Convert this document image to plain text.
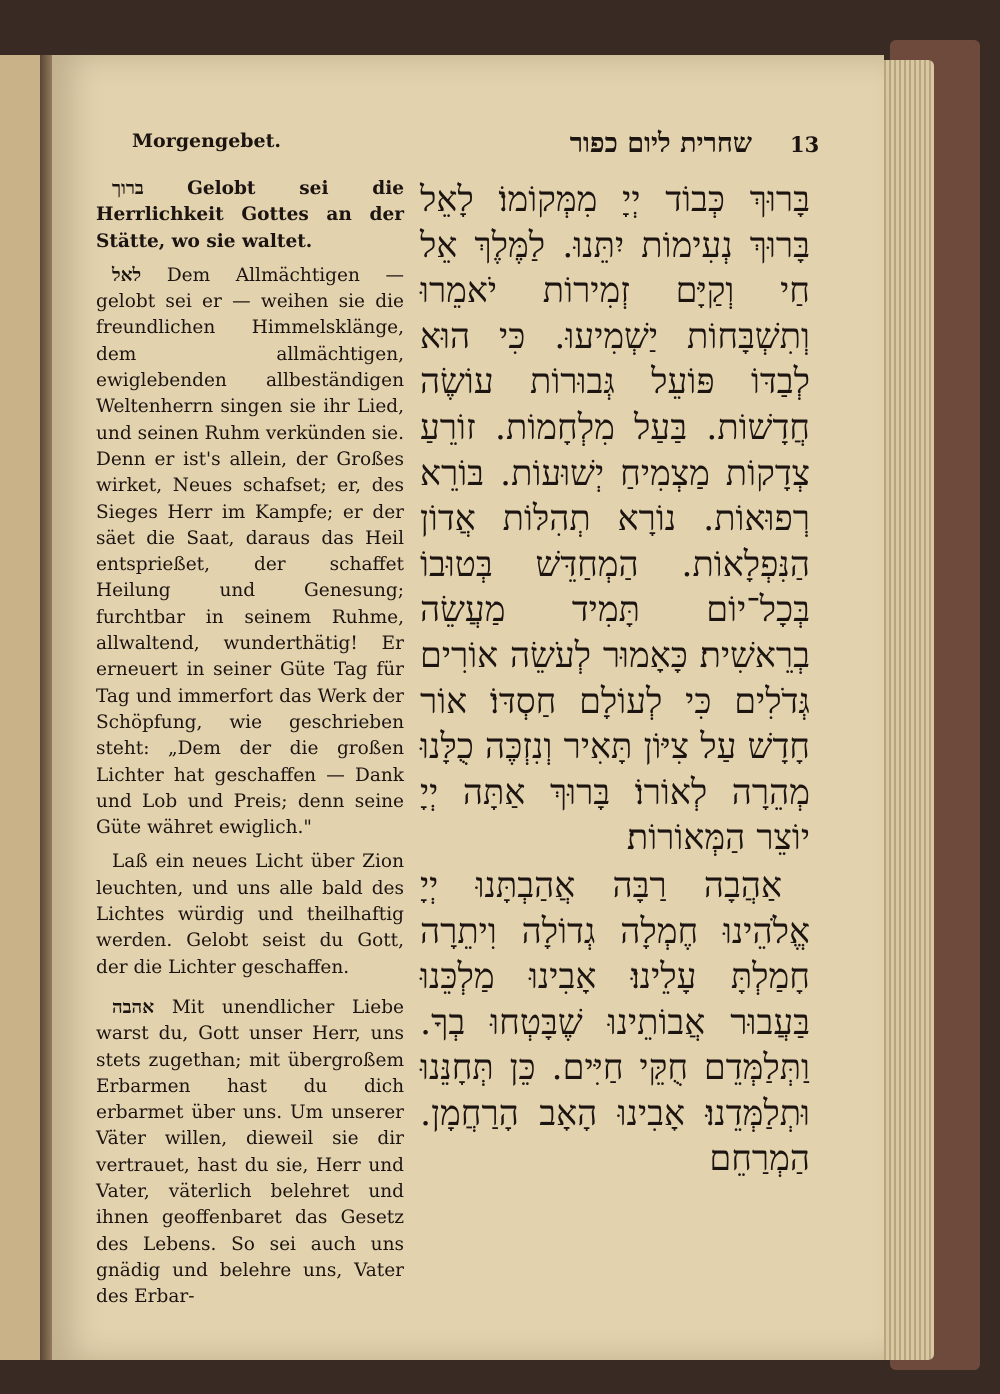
Morgengebet.	שחרית ליום כפור 13

ברוך Gelobt sei die Herrlichkeit Gottes an der Stätte, wo sie waltet.

לאל Dem Allmächtigen — gelobt sei er — weihen sie die freundlichen Himmelsklänge, dem allmächtigen, ewiglebenden allbeständigen Weltenherrn singen sie ihr Lied, und seinen Ruhm verkünden sie. Denn er ist's allein, der Großes wirket, Neues schafset; er, des Sieges Herr im Kampfe; er der säet die Saat, daraus das Heil entsprießet, der schaffet Heilung und Genesung; furchtbar in seinem Ruhme, allwaltend, wunderthätig! Er erneuert in seiner Güte Tag für Tag und immerfort das Werk der Schöpfung, wie geschrieben steht: „Dem der die großen Lichter hat geschaffen — Dank und Lob und Preis; denn seine Güte währet ewiglich."

Laß ein neues Licht über Zion leuchten, und uns alle bald des Lichtes würdig und theilhaftig werden. Gelobt seist du Gott, der die Lichter geschaffen.

אהבה Mit unendlicher Liebe warst du, Gott unser Herr, uns stets zugethan; mit übergroßem Erbarmen hast du dich erbarmet über uns. Um unserer Väter willen, dieweil sie dir vertrauet, hast du sie, Herr und Vater, väterlich belehret und ihnen geoffenbaret das Gesetz des Lebens. So sei auch uns gnädig und belehre uns, Vater des Erbar-

בָּרוּךְ כְּבוֹד יְיָ מִמְּקוֹמוֹ׃ לָאֵל בָּרוּךְ נְעִימוֹת יִתֵּנוּ. לַמֶּלֶךְ אֵל חַי וְקַיָּם זְמִירוֹת יֹאמֵרוּ וְתִשְׁבָּחוֹת יַשְׁמִיעוּ. כִּי הוּא לְבַדּוֹ פּוֹעֵל גְּבוּרוֹת עוֹשֶׂה חֲדָשׁוֹת. בַּעַל מִלְחָמוֹת. זוֹרֵעַ צְדָקוֹת מַצְמִיחַ יְשׁוּעוֹת. בּוֹרֵא רְפוּאוֹת. נוֹרָא תְהִלּוֹת אֲדוֹן הַנִּפְלָאוֹת. הַמְחַדֵּשׁ בְּטוּבוֹ בְּכָל־יוֹם תָּמִיד מַעֲשֵׂה בְרֵאשִׁית׃ כָּאָמוּר לְעֹשֵׂה אוֹרִים גְּדֹלִים כִּי לְעוֹלָם חַסְדּוֹ׃ אוֹר חָדָשׁ עַל צִיּוֹן תָּאִיר וְנִזְכֶּה כֻלָּנוּ מְהֵרָה לְאוֹרוֹ׃ בָּרוּךְ אַתָּה יְיָ יוֹצֵר הַמְּאוֹרוֹת׃

אַהֲבָה רַבָּה אֲהַבְתָּנוּ יְיָ אֱלֹהֵינוּ חֶמְלָה גְדוֹלָה וִיתֵרָה חָמַלְתָּ עָלֵינוּ׃ אָבִינוּ מַלְכֵּנוּ בַּעֲבוּר אֲבוֹתֵינוּ שֶׁבָּטְחוּ בְךָ. וַתְּלַמְּדֵם חֻקֵּי חַיִּים. כֵּן תְּחָנֵּנוּ וּתְלַמְּדֵנוּ׃ אָבִינוּ הָאָב הָרַחֲמָן. הַמְרַחֵם
